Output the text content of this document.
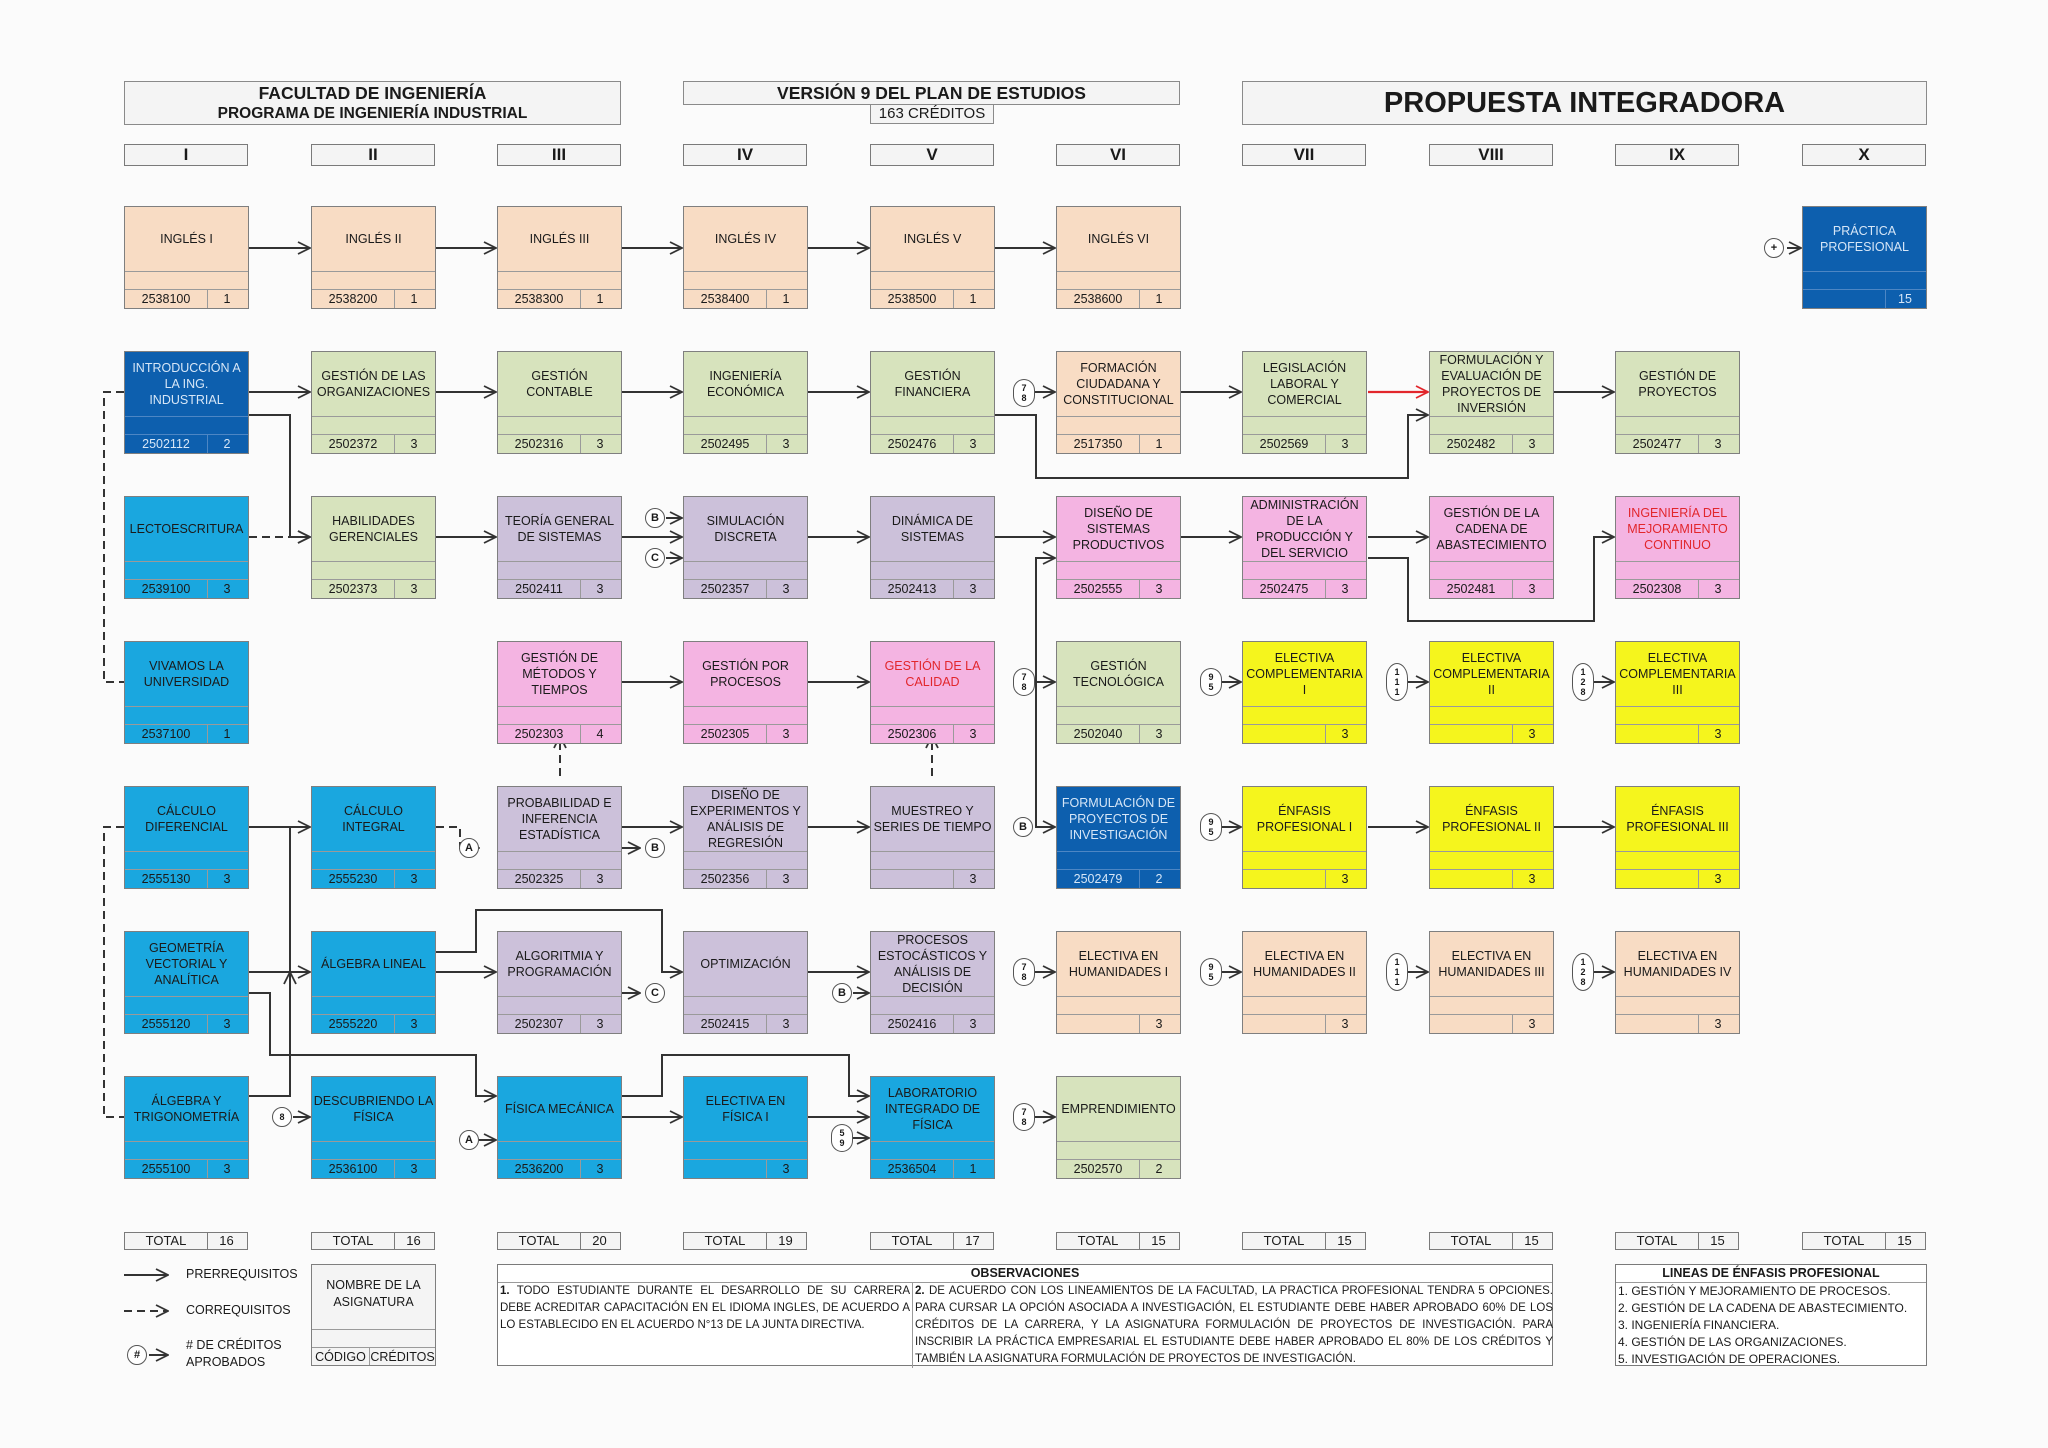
FACULTAD DE INGENIERÍA
PROGRAMA DE INGENIERÍA INDUSTRIAL
VERSIÓN 9 DEL PLAN DE ESTUDIOS
163 CRÉDITOS	PROPUESTA INTEGRADORA
I	II	III	IV	V	VI	VII	VIII	IX	X
INGLÉS I
2538100	1
INGLÉS II
2538200	1
INGLÉS III
2538300	1
INGLÉS IV
2538400	1
INGLÉS V
2538500	1
INGLÉS VI
2538600	1
PRÁCTICA PROFESIONAL
15
INTRODUCCIÓN A LA ING. INDUSTRIAL
2502112	2
GESTIÓN DE LAS ORGANIZACIONES
2502372	3
GESTIÓN CONTABLE
2502316	3
INGENIERÍA ECONÓMICA
2502495	3
GESTIÓN FINANCIERA
2502476	3
FORMACIÓN CIUDADANA Y CONSTITUCIONAL
2517350	1
LEGISLACIÓN LABORAL Y COMERCIAL
2502569	3
FORMULACIÓN Y EVALUACIÓN DE PROYECTOS DE INVERSIÓN
2502482	3
GESTIÓN DE PROYECTOS
2502477	3
LECTOESCRITURA
2539100	3
HABILIDADES GERENCIALES
2502373	3
TEORÍA GENERAL DE SISTEMAS
2502411	3
SIMULACIÓN DISCRETA
2502357	3
DINÁMICA DE SISTEMAS
2502413	3
DISEÑO DE SISTEMAS PRODUCTIVOS
2502555	3
ADMINISTRACIÓN DE LA PRODUCCIÓN Y DEL SERVICIO
2502475	3
GESTIÓN DE LA CADENA DE ABASTECIMIENTO
2502481	3
INGENIERÍA DEL MEJORAMIENTO CONTINUO
2502308	3
VIVAMOS LA UNIVERSIDAD
2537100	1
GESTIÓN DE MÉTODOS Y TIEMPOS
2502303	4
GESTIÓN POR PROCESOS
2502305	3
GESTIÓN DE LA CALIDAD
2502306	3
GESTIÓN TECNOLÓGICA
2502040	3
ELECTIVA COMPLEMENTARIA I
3
ELECTIVA COMPLEMENTARIA II
3
ELECTIVA COMPLEMENTARIA III
3
CÁLCULO DIFERENCIAL
2555130	3
CÁLCULO INTEGRAL
2555230	3
PROBABILIDAD E INFERENCIA ESTADÍSTICA
2502325	3
DISEÑO DE EXPERIMENTOS Y ANÁLISIS DE REGRESIÓN
2502356	3
MUESTREO Y SERIES DE TIEMPO
3
FORMULACIÓN DE PROYECTOS DE INVESTIGACIÓN
2502479	2
ÉNFASIS PROFESIONAL I
3
ÉNFASIS PROFESIONAL II
3
ÉNFASIS PROFESIONAL III
3
GEOMETRÍA VECTORIAL Y ANALÍTICA
2555120	3
ÁLGEBRA LINEAL
2555220	3
ALGORITMIA Y PROGRAMACIÓN
2502307	3
OPTIMIZACIÓN
2502415	3
PROCESOS ESTOCÁSTICOS Y ANÁLISIS DE DECISIÓN
2502416	3
ELECTIVA EN HUMANIDADES I
3
ELECTIVA EN HUMANIDADES II
3
ELECTIVA EN HUMANIDADES III
3
ELECTIVA EN HUMANIDADES IV
3
ÁLGEBRA Y TRIGONOMETRÍA
2555100	3
DESCUBRIENDO LA FÍSICA
2536100	3
FÍSICA MECÁNICA
2536200	3
ELECTIVA EN FÍSICA I
3
LABORATORIO INTEGRADO DE FÍSICA
2536504	1
EMPRENDIMIENTO
2502570	2
+
7
8
B
C
7
8
9
5
1
1
1
1
2
8
A	B
B	9
5
C	B
7
8
9
5
1
1
1
1
2
8
8
A
5
9
7
8
TOTAL	16	TOTAL	16	TOTAL	20	TOTAL	19	TOTAL	17	TOTAL	15	TOTAL	15	TOTAL	15	TOTAL	15	TOTAL	15
PRERREQUISITOS
CORREQUISITOS
#
# DE CRÉDITOS
APROBADOS
NOMBRE DE LA
ASIGNATURA
CÓDIGO CRÉDITOS
OBSERVACIONES
1. TODO ESTUDIANTE DURANTE EL DESARROLLO DE SU CARRERA DEBE ACREDITAR CAPACITACIÓN EN EL IDIOMA INGLES, DE ACUERDO A LO ESTABLECIDO EN EL ACUERDO N°13 DE LA JUNTA DIRECTIVA.
2. DE ACUERDO CON LOS LINEAMIENTOS DE LA FACULTAD, LA PRACTICA PROFESIONAL TENDRA 5 OPCIONES. PARA CURSAR LA OPCIÓN ASOCIADA A INVESTIGACIÓN, EL ESTUDIANTE DEBE HABER APROBADO 60% DE LOS CRÉDITOS DE LA CARRERA, Y LA ASIGNATURA FORMULACIÓN DE PROYECTOS DE INVESTIGACIÓN. PARA INSCRIBIR LA PRÁCTICA EMPRESARIAL EL ESTUDIANTE DEBE HABER APROBADO EL 80% DE LOS CRÉDITOS Y TAMBIÉN LA ASIGNATURA FORMULACIÓN DE PROYECTOS DE INVESTIGACIÓN.
LINEAS DE ÉNFASIS PROFESIONAL
1. GESTIÓN Y MEJORAMIENTO DE PROCESOS.
2. GESTIÓN DE LA CADENA DE ABASTECIMIENTO.
3. INGENIERÍA FINANCIERA.
4. GESTIÓN DE LAS ORGANIZACIONES.
5. INVESTIGACIÓN DE OPERACIONES.
